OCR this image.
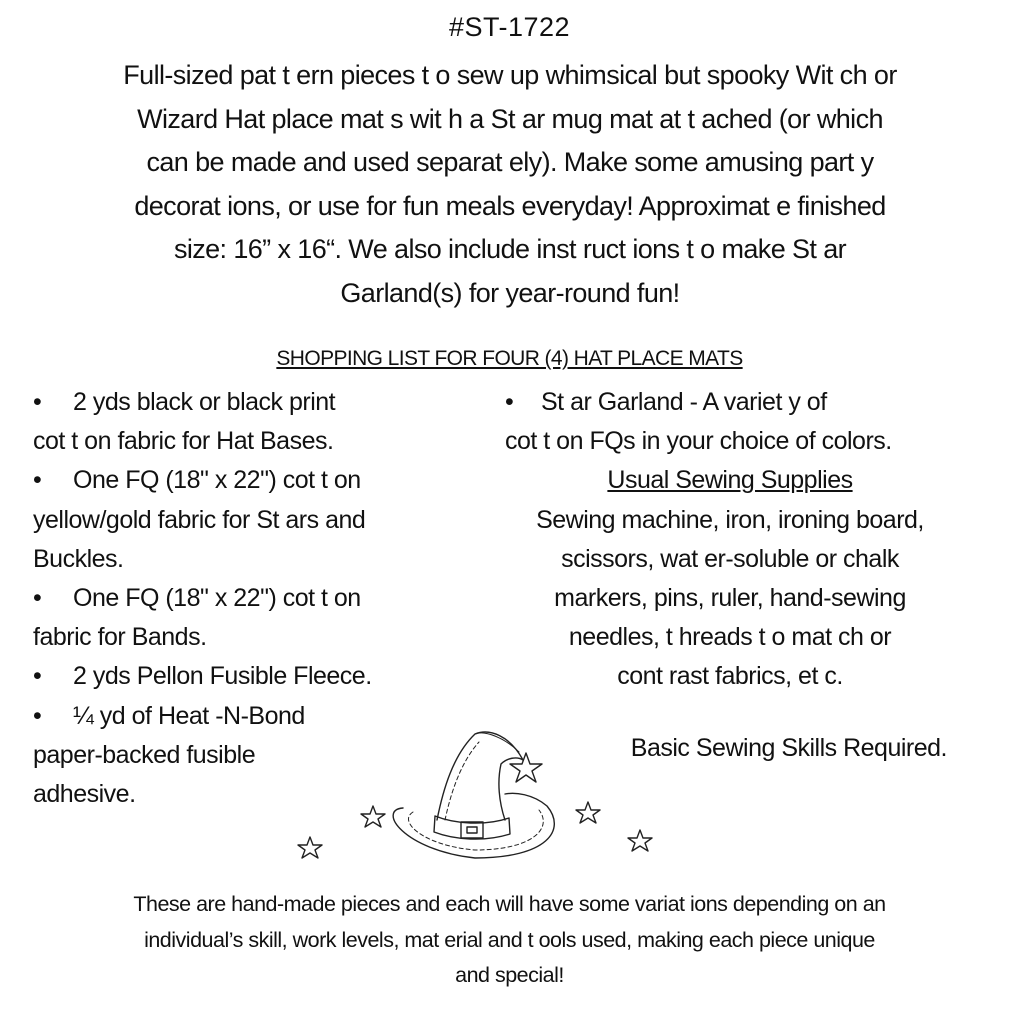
#ST-1722
Full-sized pat t ern pieces t o sew up whimsical but spooky Wit ch or
Wizard Hat place mat s wit h a St ar mug mat at t ached (or which
can be made and used separat ely). Make some amusing part y
decorat ions, or use for fun meals everyday! Approximat e finished
size: 16” x 16“. We also include inst ruct ions t o make St ar
Garland(s) for year-round fun!
SHOPPING LIST FOR FOUR (4) HAT PLACE MATS
• 2 yds black or black print
cot t on fabric for Hat Bases.
• One FQ (18" x 22") cot t on
yellow/gold fabric for St ars and
Buckles.
• One FQ (18" x 22") cot t on
fabric for Bands.
• 2 yds Pellon Fusible Fleece.
• ¼ yd of Heat -N-Bond
paper-backed fusible
adhesive.
• St ar Garland - A variet y of
cot t on FQs in your choice of colors.
Usual Sewing Supplies
Sewing machine, iron, ironing board,
scissors, wat er-soluble or chalk
markers, pins, ruler, hand-sewing
needles, t hreads t o mat ch or
cont rast fabrics, et c.
Basic Sewing Skills Required.
These are hand-made pieces and each will have some variat ions depending on an
individual’s skill, work levels, mat erial and t ools used, making each piece unique
and special!
